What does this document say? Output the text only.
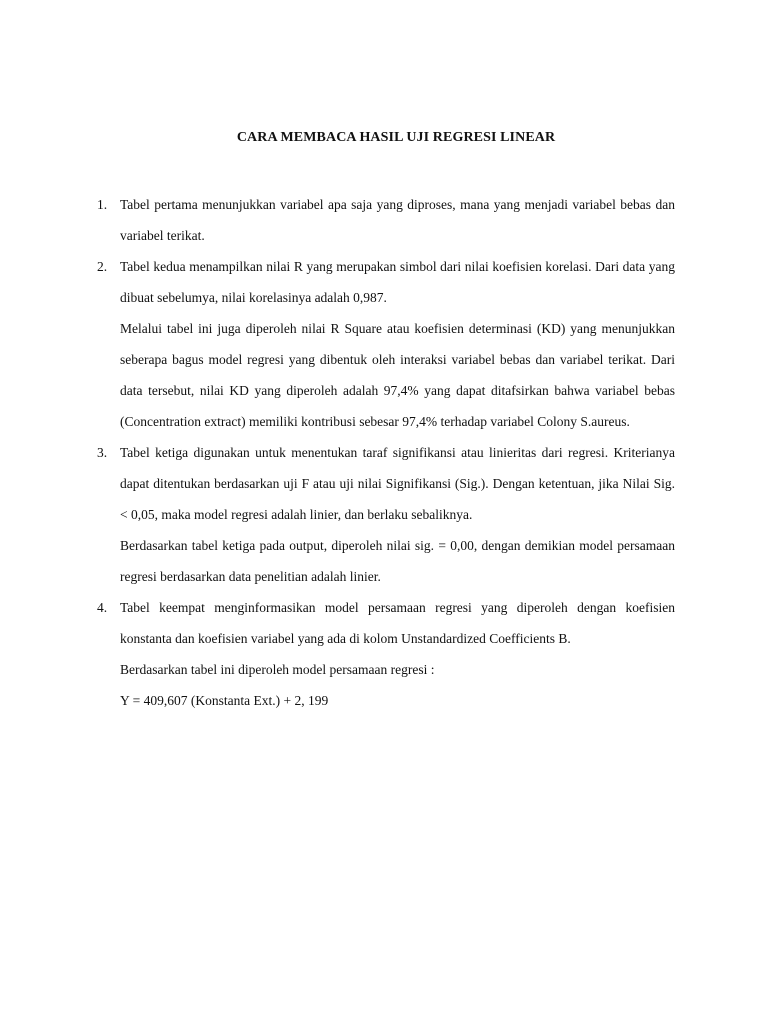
CARA MEMBACA HASIL UJI REGRESI LINEAR
1. Tabel pertama menunjukkan variabel apa saja yang diproses, mana yang menjadi variabel bebas dan variabel terikat.

2. Tabel kedua menampilkan nilai R yang merupakan simbol dari nilai koefisien korelasi. Dari data yang dibuat sebelumya, nilai korelasinya adalah 0,987.

Melalui tabel ini juga diperoleh nilai R Square atau koefisien determinasi (KD) yang menunjukkan seberapa bagus model regresi yang dibentuk oleh interaksi variabel bebas dan variabel terikat. Dari data tersebut, nilai KD yang diperoleh adalah 97,4% yang dapat ditafsirkan bahwa variabel bebas (Concentration extract) memiliki kontribusi sebesar 97,4% terhadap variabel Colony S.aureus.

3. Tabel ketiga digunakan untuk menentukan taraf signifikansi atau linieritas dari regresi. Kriterianya dapat ditentukan berdasarkan uji F atau uji nilai Signifikansi (Sig.). Dengan ketentuan, jika Nilai Sig. < 0,05, maka model regresi adalah linier, dan berlaku sebaliknya.

Berdasarkan tabel ketiga pada output, diperoleh nilai sig. = 0,00, dengan demikian model persamaan regresi berdasarkan data penelitian adalah linier.

4. Tabel keempat menginformasikan model persamaan regresi yang diperoleh dengan koefisien konstanta dan koefisien variabel yang ada di kolom Unstandardized Coefficients B.

Berdasarkan tabel ini diperoleh model persamaan regresi :

Y = 409,607 (Konstanta Ext.) + 2, 199
